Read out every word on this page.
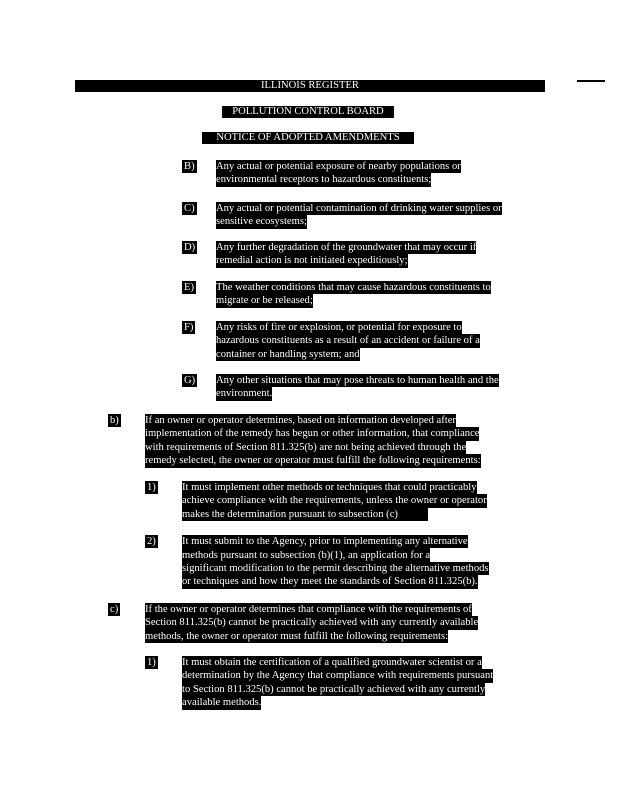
ILLINOIS REGISTER
POLLUTION CONTROL BOARD
NOTICE OF ADOPTED AMENDMENTS
B) Any actual or potential exposure of nearby populations or
environmental receptors to hazardous constituents;
C) Any actual or potential contamination of drinking water supplies or
sensitive ecosystems;
D) Any further degradation of the groundwater that may occur if
remedial action is not initiated expeditiously;
E) The weather conditions that may cause hazardous constituents to
migrate or be released;
F) Any risks of fire or explosion, or potential for exposure to
hazardous constituents as a result of an accident or failure of a
container or handling system; and
G) Any other situations that may pose threats to human health and the
environment.
b) If an owner or operator determines, based on information developed after
implementation of the remedy has begun or other information, that compliance
with requirements of Section 811.325(b) are not being achieved through the
remedy selected, the owner or operator must fulfill the following requirements:
1) It must implement other methods or techniques that could practicably
achieve compliance with the requirements, unless the owner or operator
makes the determination pursuant to subsection (c)
2) It must submit to the Agency, prior to implementing any alternative
methods pursuant to subsection (b)(1), an application for a
significant modification to the permit describing the alternative methods
or techniques and how they meet the standards of Section 811.325(b).
c)	If the owner or operator determines that compliance with the requirements of
Section 811.325(b) cannot be practically achieved with any currently available
methods, the owner or operator must fulfill the following requirements:
1) It must obtain the certification of a qualified groundwater scientist or a
determination by the Agency that compliance with requirements pursuant
to Section 811.325(b) cannot be practically achieved with any currently
available methods.
